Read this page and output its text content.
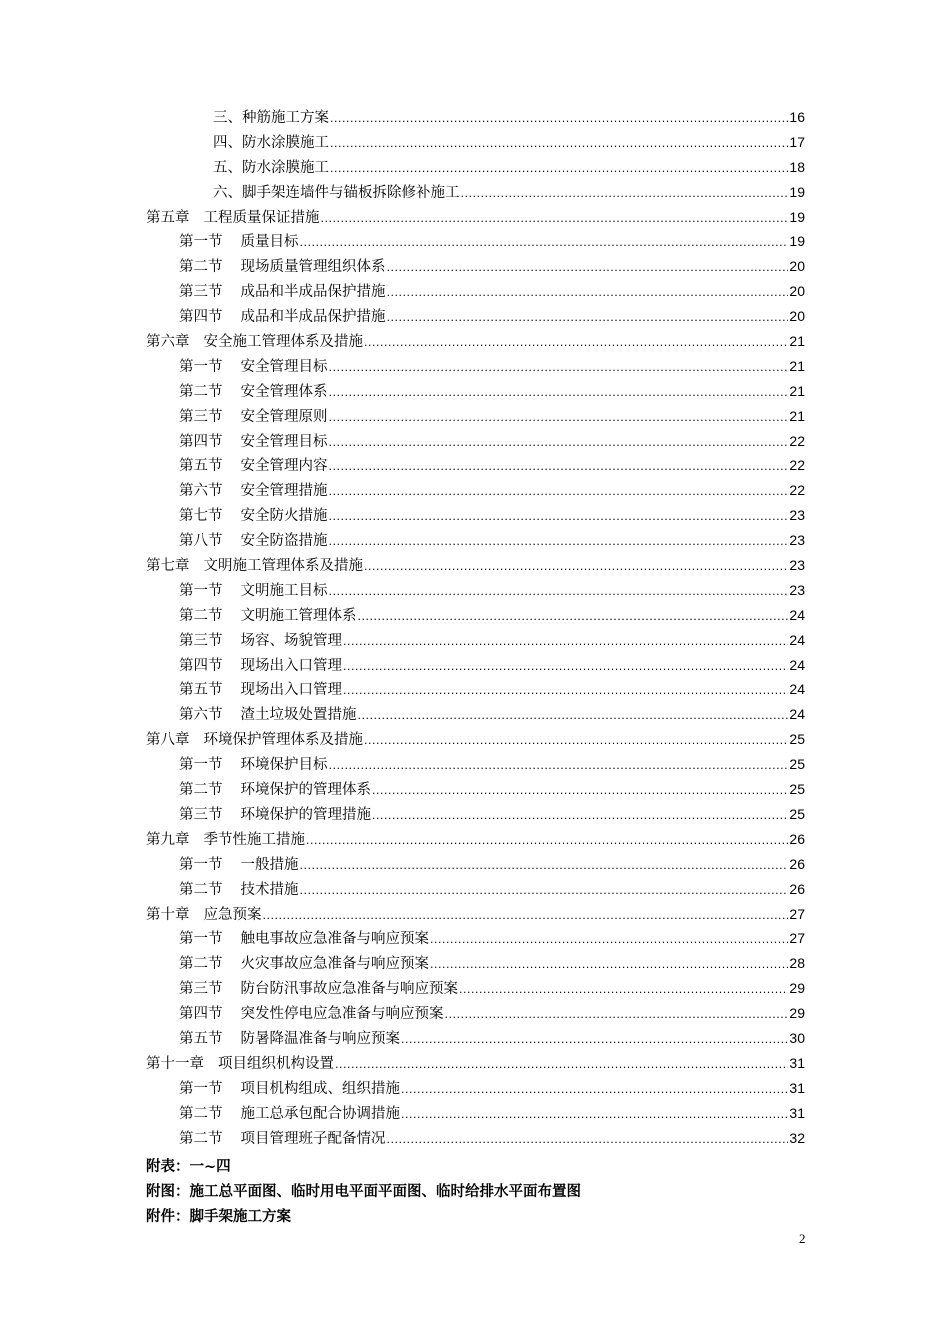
三、种筋施工方案 .....	16
四、防水涂膜施工 .....	17
五、防水涂膜施工 .....	18
六、脚手架连墙件与锚板拆除修补施工 .....	19
第五章 工程质量保证措施 .....	19
第一节 质量目标 .....	19
第二节 现场质量管理组织体系 .....	20
第三节 成品和半成品保护措施 .....	20
第四节 成品和半成品保护措施 .....	20
第六章 安全施工管理体系及措施 .....	21
第一节 安全管理目标 .....	21
第二节 安全管理体系 .....	21
第三节 安全管理原则 .....	21
第四节 安全管理目标 .....	22
第五节 安全管理内容 .....	22
第六节 安全管理措施 .....	22
第七节 安全防火措施 .....	23
第八节 安全防盗措施 .....	23
第七章 文明施工管理体系及措施 .....	23
第一节 文明施工目标 .....	23
第二节 文明施工管理体系 .....	24
第三节 场容、场貌管理 .....	24
第四节 现场出入口管理 .....	24
第五节 现场出入口管理 .....	24
第六节 渣土垃圾处置措施 .....	24
第八章 环境保护管理体系及措施 .....	25
第一节 环境保护目标 .....	25
第二节 环境保护的管理体系 .....	25
第三节 环境保护的管理措施 .....	25
第九章 季节性施工措施 .....	26
第一节 一般措施 .....	26
第二节 技术措施 .....	26
第十章 应急预案 .....	27
第一节 触电事故应急准备与响应预案 .....	27
第二节 火灾事故应急准备与响应预案 .....	28
第三节 防台防汛事故应急准备与响应预案 .....	29
第四节 突发性停电应急准备与响应预案 .....	29
第五节 防暑降温准备与响应预案 .....	30
第十一章 项目组织机构设置 .....	31
第一节 项目机构组成、组织措施 .....	31
第二节 施工总承包配合协调措施 .....	31
第二节 项目管理班子配备情况 .....	32
附表：一~四
附图：施工总平面图、临时用电平面平面图、临时给排水平面布置图
附件：脚手架施工方案
2
